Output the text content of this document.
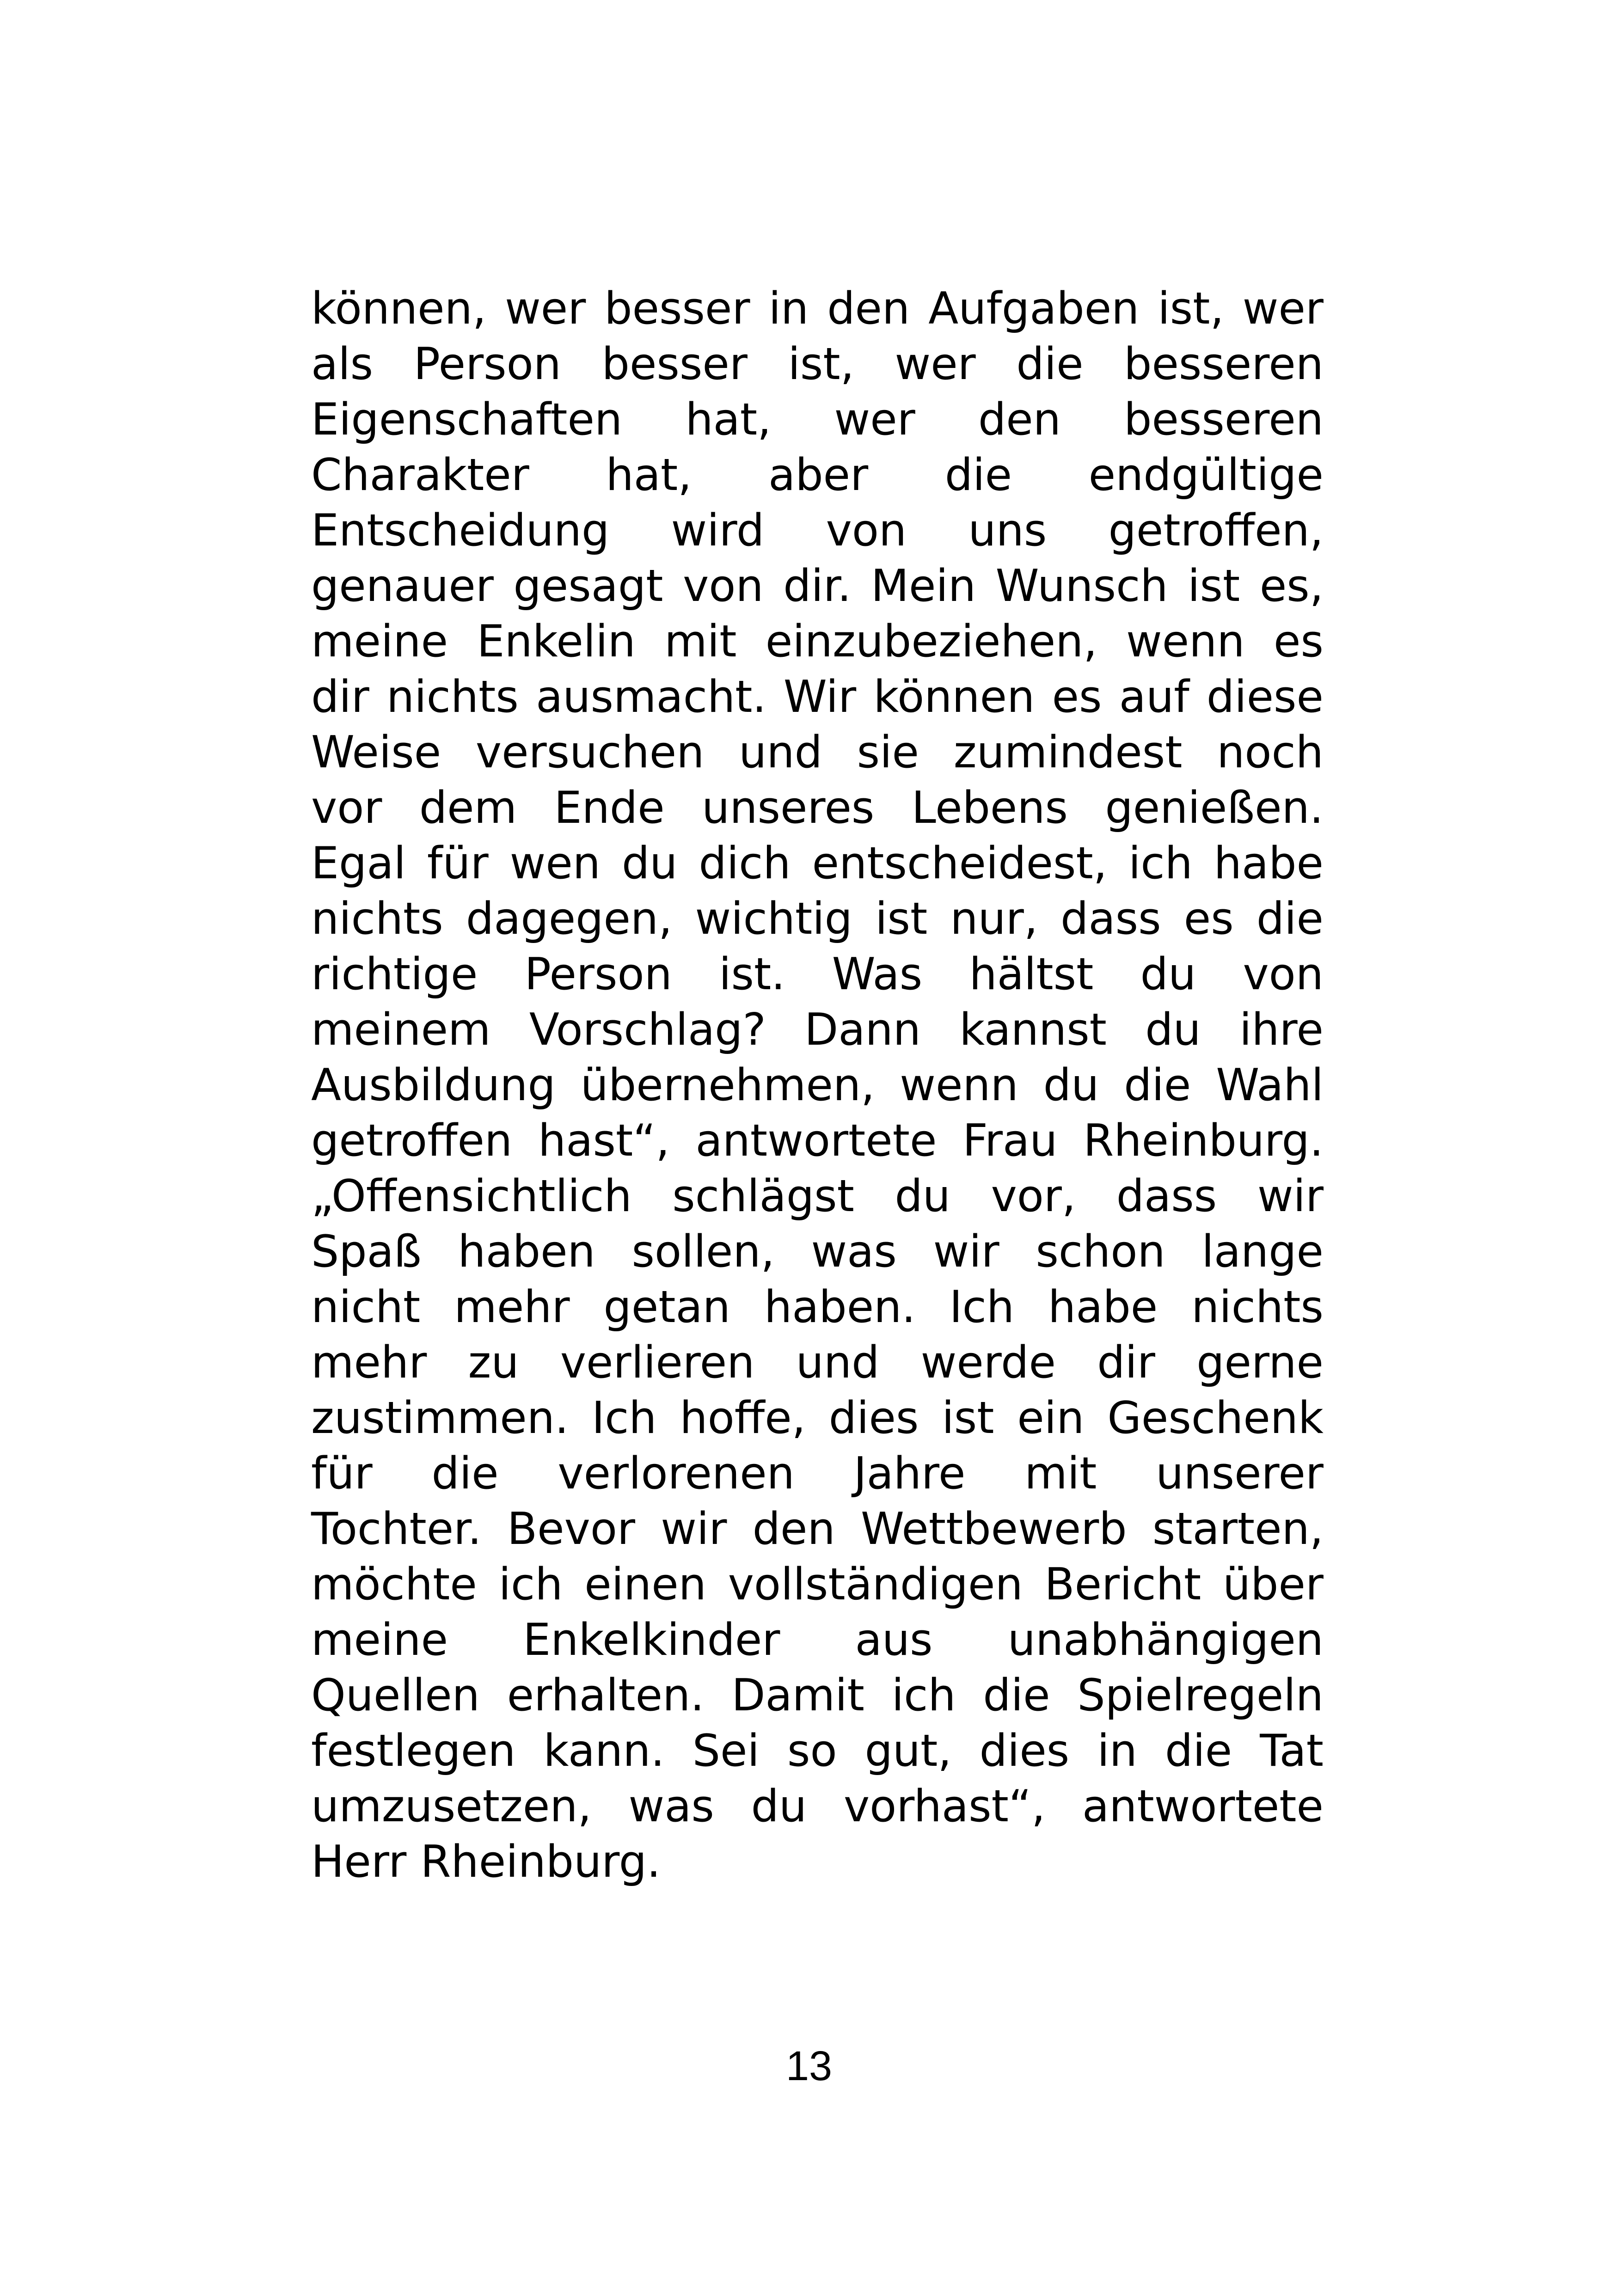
können, wer besser in den Aufgaben ist, wer
als Person besser ist, wer die besseren
Eigenschaften hat, wer den besseren
Charakter hat, aber die endgültige
Entscheidung wird von uns getroffen,
genauer gesagt von dir. Mein Wunsch ist es,
meine Enkelin mit einzubeziehen, wenn es
dir nichts ausmacht. Wir können es auf diese
Weise versuchen und sie zumindest noch
vor dem Ende unseres Lebens genießen.
Egal für wen du dich entscheidest, ich habe
nichts dagegen, wichtig ist nur, dass es die
richtige Person ist. Was hältst du von
meinem Vorschlag? Dann kannst du ihre
Ausbildung übernehmen, wenn du die Wahl
getroffen hast“, antwortete Frau Rheinburg.
„Offensichtlich schlägst du vor, dass wir
Spaß haben sollen, was wir schon lange
nicht mehr getan haben. Ich habe nichts
mehr zu verlieren und werde dir gerne
zustimmen. Ich hoffe, dies ist ein Geschenk
für die verlorenen Jahre mit unserer
Tochter. Bevor wir den Wettbewerb starten,
möchte ich einen vollständigen Bericht über
meine Enkelkinder aus unabhängigen
Quellen erhalten. Damit ich die Spielregeln
festlegen kann. Sei so gut, dies in die Tat
umzusetzen, was du vorhast“, antwortete
Herr Rheinburg.
13
